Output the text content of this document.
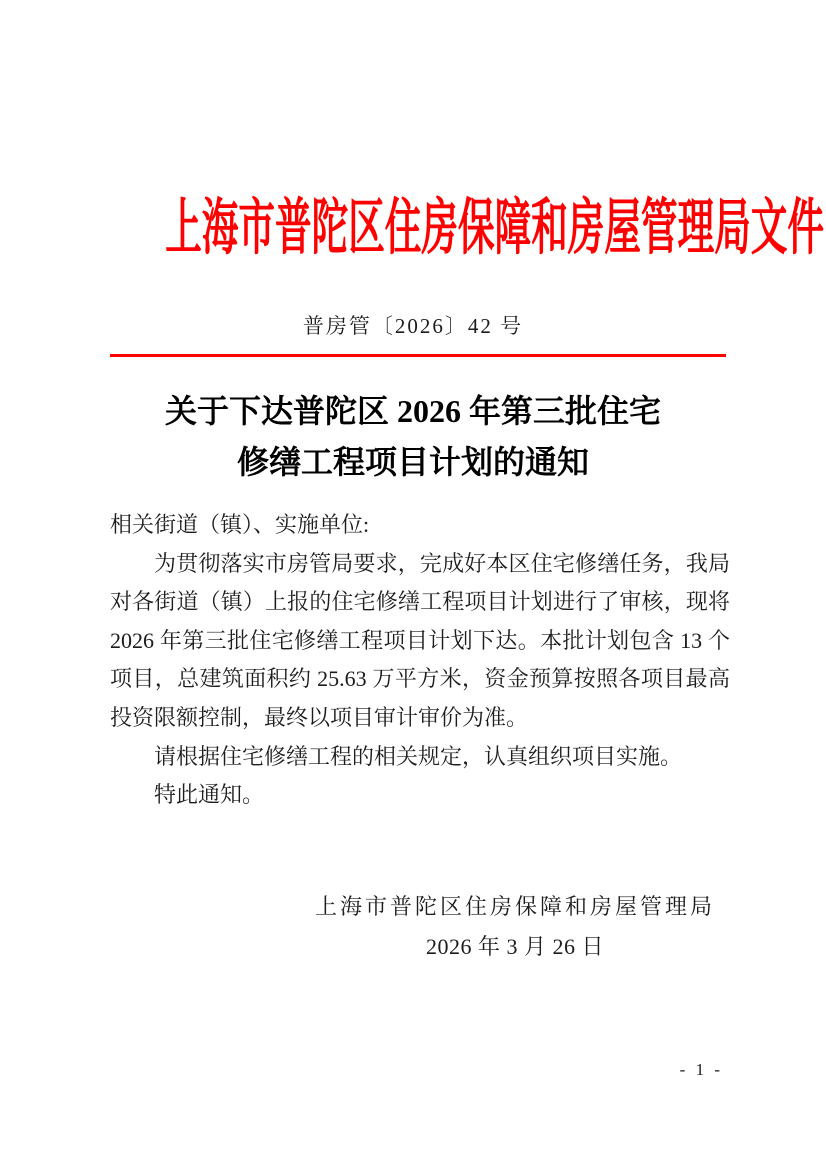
上海市普陀区住房保障和房屋管理局文件
普房管〔2026〕42 号
关于下达普陀区 2026 年第三批住宅
修缮工程项目计划的通知

相关街道（镇）、实施单位:

为贯彻落实市房管局要求，完成好本区住宅修缮任务，我局对各街道（镇）上报的住宅修缮工程项目计划进行了审核，现将 2026 年第三批住宅修缮工程项目计划下达。本批计划包含 13 个项目，总建筑面积约 25.63 万平方米，资金预算按照各项目最高投资限额控制，最终以项目审计审价为准。

请根据住宅修缮工程的相关规定，认真组织项目实施。

特此通知。

上海市普陀区住房保障和房屋管理局
2026 年 3 月 26 日
- 1 -
